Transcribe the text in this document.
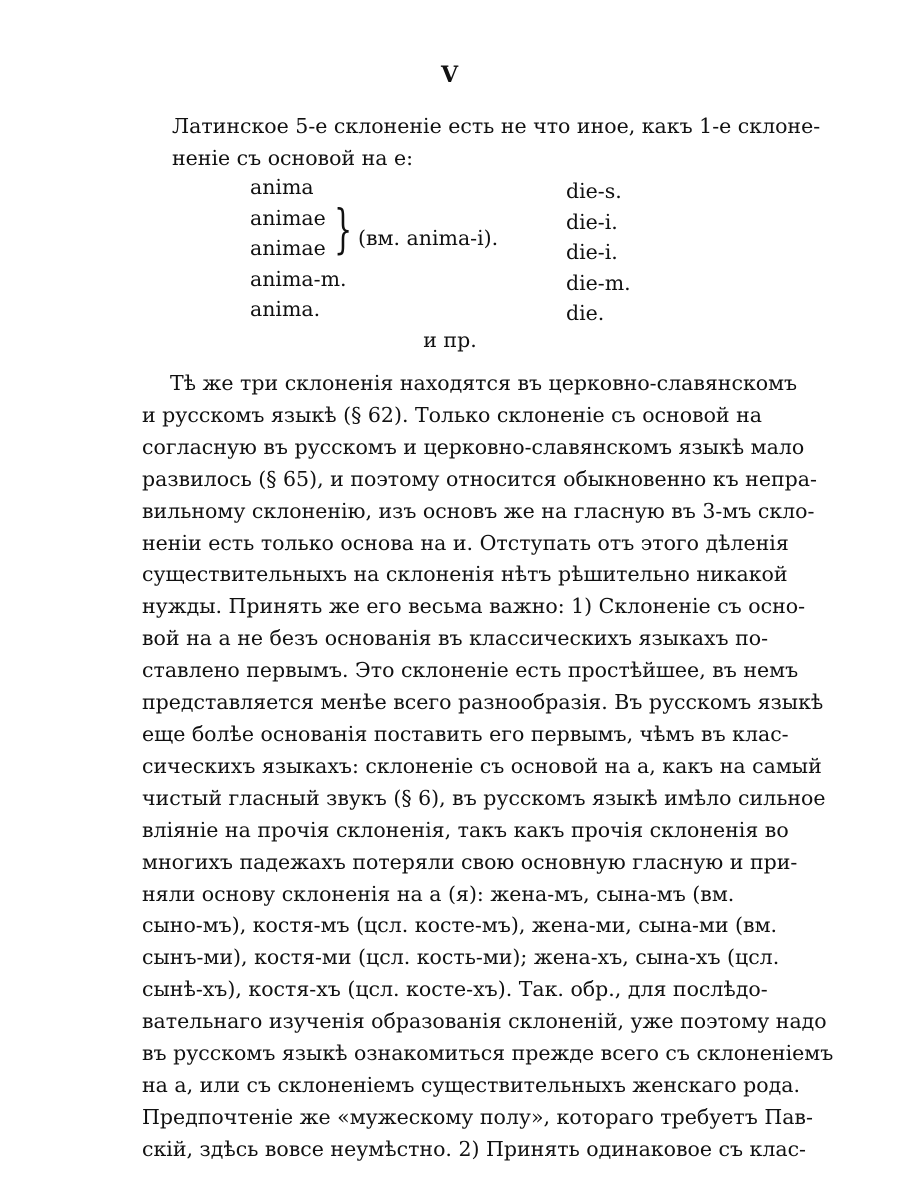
V
Латинское 5-е склоненіе есть не что иное, какъ 1-е склонe-
неніе съ основой на е:
anima
animae
animae
anima-m.
anima.
} (вм. anima-i).
die-s.
die-i.
die-i.
die-m.
die.
и пр.
Тѣ же три склоненія находятся въ церковно-славянскомъ
и русскомъ языкѣ (§ 62). Только склоненіе съ основой на
согласную въ русскомъ и церковно-славянскомъ языкѣ мало
развилось (§ 65), и поэтому относится обыкновенно къ непра-
вильному склоненію, изъ основъ же на гласную въ 3-мъ скло-
неніи есть только основа на и. Отступать отъ этого дѣленія
существительныхъ на склоненія нѣтъ рѣшительно никакой
нужды. Принять же его весьма важно: 1) Склоненіе съ осно-
вой на а не безъ основанія въ классическихъ языкахъ по-
ставлено первымъ. Это склоненіе есть простѣйшее, въ немъ
представляется менѣе всего разнообразія. Въ русскомъ языкѣ
еще болѣе основанія поставить его первымъ, чѣмъ въ клас-
сическихъ языкахъ: склоненіе съ основой на а, какъ на самый
чистый гласный звукъ (§ 6), въ русскомъ языкѣ имѣло сильное
вліяніе на прочія склоненія, такъ какъ прочія склоненія во
многихъ падежахъ потеряли свою основную гласную и при-
няли основу склоненія на а (я): жена-мъ, сына-мъ (вм.
сыно-мъ), костя-мъ (цсл. косте-мъ), жена-ми, сына-ми (вм.
сынъ-ми), костя-ми (цсл. кость-ми); жена-хъ, сына-хъ (цсл.
сынѣ-хъ), костя-хъ (цсл. косте-хъ). Так. обр., для послѣдо-
вательнаго изученія образованія склоненій, уже поэтому надо
въ русскомъ языкѣ ознакомиться прежде всего съ склоненіемъ
на а, или съ склоненіемъ существительныхъ женскаго рода.
Предпочтеніе же «мужескому полу», котораго требуетъ Пав-
скій, здѣсь вовсе неумѣстно. 2) Принять одинаковое съ клас-
